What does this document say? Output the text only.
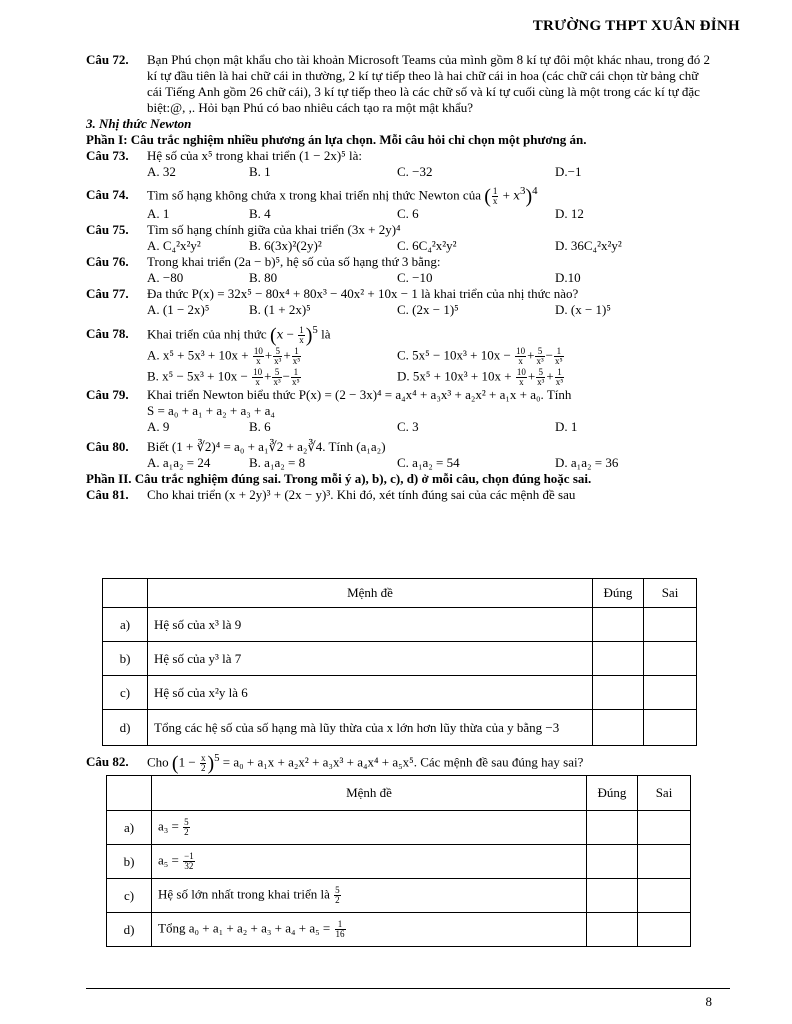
TRƯỜNG THPT XUÂN ĐỈNH
Câu 72.	Bạn Phú chọn mật khẩu cho tài khoản Microsoft Teams của mình gồm 8 kí tự đôi một khác nhau, trong đó 2 kí tự đầu tiên là hai chữ cái in thường, 2 kí tự tiếp theo là hai chữ cái in hoa (các chữ cái chọn từ bảng chữ cái Tiếng Anh gồm 26 chữ cái), 3 kí tự tiếp theo là các chữ số và kí tự cuối cùng là một trong các kí tự đặc biệt:@, ,. Hỏi bạn Phú có bao nhiêu cách tạo ra một mật khẩu?
3. Nhị thức Newton
Phần I: Câu trắc nghiệm nhiều phương án lựa chọn. Mỗi câu hỏi chỉ chọn một phương án.
Câu 73.	Hệ số của x⁵ trong khai triển (1 − 2x)⁵ là:
A. 32	B. 1	C. −32	D.−1
Câu 74.	Tìm số hạng không chứa x trong khai triển nhị thức Newton của ( $\frac{1}{x} + x^3)^4$
A. 1	B. 4	C. 6	D. 12
Câu 75.	Tìm số hạng chính giữa của khai triển (3x + 2y)⁴
A. C₄²x²y²	B. 6(3x)²(2y)²	C. 6C₄²x²y²	D. 36C₄²x²y²
Câu 76.	Trong khai triển (2a − b)⁵, hệ số của số hạng thứ 3 bằng:
A. −80	B. 80	C. −10	D.10
Câu 77.	Đa thức P(x) = 32x⁵ − 80x⁴ + 80x³ − 40x² + 10x − 1 là khai triển của nhị thức nào?
A. (1 − 2x)⁵	B. (1 + 2x)⁵	C. (2x − 1)⁵	D. (x − 1)⁵
Câu 78.	Khai triển của nhị thức $(x - \frac{1}{x} )^5$ là
A. $x^5 + 5x^3 + 10x + \frac{10}{x} + \frac{5}{\text{x³}} + \frac{1}{\text{x⁵}}$	C. $5x^5 - 10x^3 + 10x - \frac{10}{x} + \frac{5}{\text{x³}} - \frac{1}{\text{x⁵}}$
B. $x^5 - 5x^3 + 10x - \frac{10}{x} + \frac{5}{\text{x³}} - \frac{1}{\text{x⁵}}$	D. $5x^5 + 10x^3 + 10x + \frac{10}{x} + \frac{5}{\text{x³}} + \frac{1}{\text{x⁵}}$
Câu 79.	Khai triển Newton biểu thức P(x) = (2 − 3x)⁴ = a₄x⁴ + a₃x³ + a₂x² + a₁x + a₀. Tính
S = a₀ + a₁ + a₂ + a₃ + a₄
A. 9	B. 6	C. 3	D. 1
Câu 80.	Biết (1 + ∛2)⁴ = a₀ + a₁∛2 + a₂∛4. Tính (a₁a₂)
A. a₁a₂ = 24	B. a₁a₂ = 8	C. a₁a₂ = 54	D. a₁a₂ = 36
Phần II. Câu trắc nghiệm đúng sai. Trong mỗi ý a), b), c), d) ở mỗi câu, chọn đúng hoặc sai.
Câu 81.	Cho khai triển (x + 2y)³ + (2x − y)³. Khi đó, xét tính đúng sai của các mệnh đề sau
	Mệnh đề	Đúng	Sai
a)	Hệ số của x³ là 9		
b)	Hệ số của y³ là 7		
c)	Hệ số của x²y là 6		
d)	Tổng các hệ số của số hạng mà lũy thừa của x lớn hơn lũy thừa của y bằng −3		
Câu 82.	Cho $(1 - \frac{x}{2} )^5 = a_0 + a_1x + a_2x^2 + a_3x^3 + a_4x^4 + a_5x^5$. Các mệnh đề sau đúng hay sai?
	Mệnh đề	Đúng	Sai
a)	$a_3 = \frac{5}{2}$

b)	$a_5 = \frac{-1}{32}$

c)	Hệ số lớn nhất trong khai triển là $\frac{5}{2}$

d)	Tổng $a_0 + a_1 + a_2 + a_3 + a_4 + a_5 = \frac{1}{16}$

8
